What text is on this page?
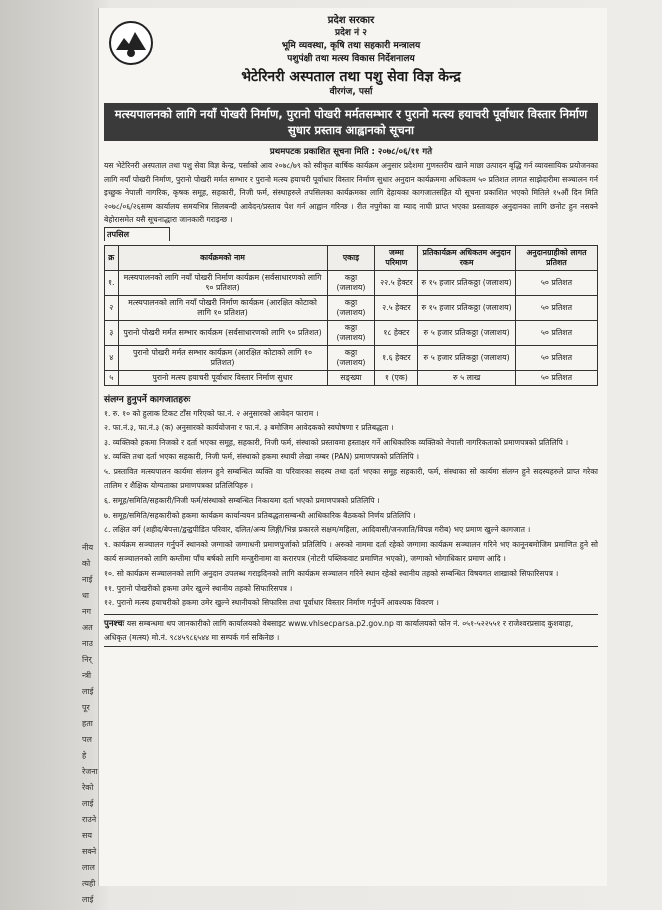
नीय
को
नाई
धा
नग
अत
नाउ
निर्
न्त्री
लाई
पूर
हता
पल
हे
रेजना
रेको
लाई
राउने
सय
सक्ने
लाल
त्यही
लाई
प्रदेश सरकार
प्रदेश नं २
भूमि व्यवस्था, कृषि तथा सहकारी मन्त्रालय
पशुपंक्षी तथा मत्स्य विकास निर्देशनालय
भेटेरिनरी अस्पताल तथा पशु सेवा विज्ञ केन्द्र
वीरगंज, पर्सा
मत्स्यपालनको लागि नयाँ पोखरी निर्माण, पुरानो पोखरी मर्मतसम्भार र पुरानो मत्स्य हयाचरी पूर्वाधार विस्तार निर्माण सुधार प्रस्ताव आह्वानको सूचना
प्रथमपटक प्रकाशित सूचना मिति : २०७८/०६/११ गते
यस भेटेरिनरी अस्पताल तथा पशु सेवा विज्ञ केन्द्र, पर्साको आव २०७८/७९ को स्वीकृत बार्षिक कार्यक्रम अनुसार प्रदेशमा गुणस्तरीय खाने माछा उत्पादन बृद्धि गर्न व्यावसायिक प्रयोजनका लागि नयाँ पोखरी निर्माण, पुरानो पोखरी मर्मत सम्भार र पुरानो मत्स्य हयाचरी पूर्वाधार विस्तार निर्माण सुधार अनुदान कार्यक्रममा अधिकतम ५० प्रतिशत लागत साझेदारीमा सञ्चालन गर्न इच्छुक नेपाली नागरिक, कृषक समूह, सहकारी, निजी फर्म, संस्थाहरुले तपसिलका कार्यक्रमका लागि देहायका कागजातसहित यो सूचना प्रकाशित भएको मितिले १५औं दिन मिति २०७८/०६/२६सम्म कार्यालय समयभित्र सिलबन्दी आवेदन/प्रस्ताव पेश गर्न आह्वान गरिन्छ । रीत नपुगेका वा म्याद नाघी प्राप्त भएका प्रस्तावहरु अनुदानका लागि छनोट हुन नसक्ने बेहोरासमेत यसै सूचनाद्धारा जानकारी गराइन्छ ।
तपसिल
क्र	कार्यक्रमको नाम	एकाइ	जम्मा परिमाण	प्रतिकार्यक्रम अधिकतम अनुदान रकम	अनुदानग्राहीको लागत प्रतिशत
१.	मत्स्यपालनको लागि नयाँ पोखरी निर्माण कार्यक्रम (सर्वसाधारणको लागि ९० प्रतिशत)	कठ्ठा (जलाशय)	२२.५ हेक्टर	रु १५ हजार प्रतिकठ्ठा (जलाशय)	५० प्रतिशत
२	मत्स्यपालनको लागि नयाँ पोखरी निर्माण कार्यक्रम (आरक्षित कोटाको लागि १० प्रतिशत)	कठ्ठा (जलाशय)	२.५ हेक्टर	रु १५ हजार प्रतिकठ्ठा (जलाशय)	५० प्रतिशत
३	पुरानो पोखरी मर्मत सम्भार कार्यक्रम (सर्वसाधारणको लागि ९० प्रतिशत)	कठ्ठा (जलाशय)	१८ हेक्टर	रु ५ हजार प्रतिकठ्ठा (जलाशय)	५० प्रतिशत
४	पुरानो पोखरी मर्मत सम्भार कार्यक्रम (आरक्षित कोटाको लागि १० प्रतिशत)	कठ्ठा (जलाशय)	१.६ हेक्टर	रु ५ हजार प्रतिकठ्ठा (जलाशय)	५० प्रतिशत
५	पुरानो मत्स्य हयाचरी पूर्वाधार विस्तार निर्माण सुधार	सङ्ख्या	१ (एक)	रु ५ लाख	५० प्रतिशत
संलग्न हुनुपर्ने कागजातहरुः
१. रु. १० को हुलाक टिकट टाँस गरिएको फा.नं. २ अनुसारको आवेदन फाराम ।
२. फा.नं.३, फा.नं.३ (क) अनुसारको कार्ययोजना र फा.नं. ३ बमोजिम आवेदकको स्वघोषणा र प्रतिबद्धता ।
३. व्यक्तिको हकमा निजको र दर्ता भएका समूह, सहकारी, निजी फर्म, संस्थाको प्रस्तावमा हस्ताक्षर गर्ने आधिकारिक व्यक्तिको नेपाली नागरिकताको प्रमाणपत्रको प्रतिलिपि ।
४. व्यक्ति तथा दर्ता भएका सहकारी, निजी फर्म, संस्थाको हकमा स्थायी लेखा नम्बर (PAN) प्रमाणपत्रको प्रतिलिपि ।
५. प्रस्तावित मत्स्यपालन कार्यमा संलग्न हुने सम्बन्धित व्यक्ति वा परिवारका सदस्य तथा दर्ता भएका समूह सहकारी, फर्म, संस्थाका सो कार्यमा संलग्न हुने सदस्यहरुले प्राप्त गरेका तालिम र शैक्षिक योग्यताका प्रमाणपत्रका प्रतिलिपिहरु ।
६. समूह/समिति/सहकारी/निजी फर्म/संस्थाको सम्बन्धित निकायमा दर्ता भएको प्रमाणपत्रको प्रतिलिपि ।
७. समूह/समिति/सहकारीको हकमा कार्यक्रम कार्यान्वयन प्रतिबद्धतासम्बन्धी आधिकारिक बैठकको निर्णय प्रतिलिपि ।
८. लक्षित वर्ग (शहीद/बेपत्ता/द्वन्द्वपीडित परिवार, दलित/अन्य लिङ्गी/भिन्न प्रकारले सक्षम/महिला, आदिवासी/जनजाति/विपन्न गरीब) भए प्रमाण खुल्ने कागजात ।
९. कार्यक्रम सञ्चालन गर्नुपर्ने स्थानको जग्गाको जग्गाधनी प्रमाणपुर्जाको प्रतिलिपि । अरुको नाममा दर्ता रहेको जग्गामा कार्यक्रम सञ्चालन गरिने भए कानूनबमोजिम प्रमाणित हुने सो कार्य सञ्चालनको लागि कम्तीमा पाँच बर्षको लागि मन्जुरीनामा वा करारपत्र (नोटरी पब्लिकवाट प्रमाणित भएको), जग्गाको भोगाधिकार प्रमाण आदि ।
१०. सो कार्यक्रम सञ्चालनको लागि अनुदान उपलब्ध गराइदिनको लागि कार्यक्रम सञ्चालन गरिने स्थान रहेको स्थानीय तहको सम्बन्धित विषयगत शाखाको सिफारिसपत्र ।
११. पुरानो पोखरीको हकमा उमेर खुल्ने स्थानीय तहको सिफारिसपत्र ।
१२. पुरानो मत्स्य हयाचरीको हकमा उमेर खुल्ने स्थानीयको सिफारिस तथा पूर्वाधार विस्तार निर्माण गर्नुपर्ने आवश्यक विवरण ।
पुनश्चः यस सम्बन्धमा थप जानकारीको लागि कार्यालयको वेबसाइट www.vhlsecparsa.p2.gov.np वा कार्यालयको फोन नं. ०५१-५२२५५१ र राजेश्वरप्रसाद कुशवाहा, अधिकृत (मत्स्य) मो.नं. ९८४५९८६५४४ मा सम्पर्क गर्न सकिनेछ ।
